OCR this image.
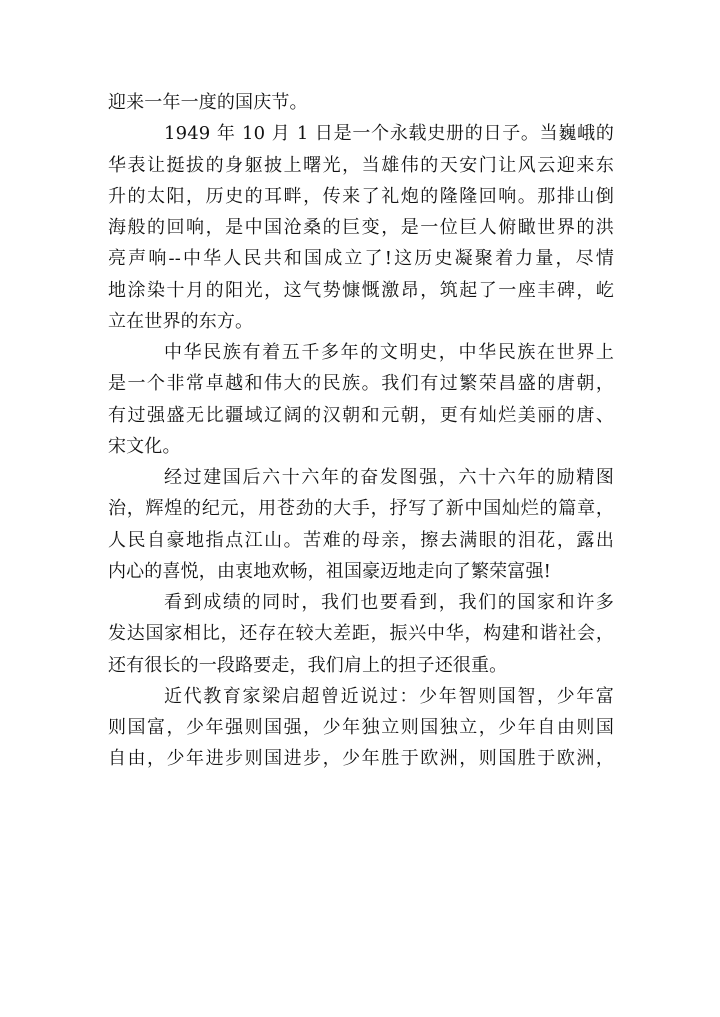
迎来一年一度的国庆节。
1949 年 10 月 1 日是一个永载史册的日子。当巍峨的
华表让挺拔的身躯披上曙光，当雄伟的天安门让风云迎来东
升的太阳，历史的耳畔，传来了礼炮的隆隆回响。那排山倒
海般的回响，是中国沧桑的巨变，是一位巨人俯瞰世界的洪
亮声响--中华人民共和国成立了!这历史凝聚着力量，尽情
地涂染十月的阳光，这气势慷慨激昂，筑起了一座丰碑，屹
立在世界的东方。
中华民族有着五千多年的文明史，中华民族在世界上
是一个非常卓越和伟大的民族。我们有过繁荣昌盛的唐朝，
有过强盛无比疆域辽阔的汉朝和元朝，更有灿烂美丽的唐、
宋文化。
经过建国后六十六年的奋发图强，六十六年的励精图
治，辉煌的纪元，用苍劲的大手，抒写了新中国灿烂的篇章，
人民自豪地指点江山。苦难的母亲，擦去满眼的泪花，露出
内心的喜悦，由衷地欢畅，祖国豪迈地走向了繁荣富强!
看到成绩的同时，我们也要看到，我们的国家和许多
发达国家相比，还存在较大差距，振兴中华，构建和谐社会，
还有很长的一段路要走，我们肩上的担子还很重。
近代教育家梁启超曾近说过：少年智则国智，少年富
则国富，少年强则国强，少年独立则国独立，少年自由则国
自由，少年进步则国进步，少年胜于欧洲，则国胜于欧洲，
